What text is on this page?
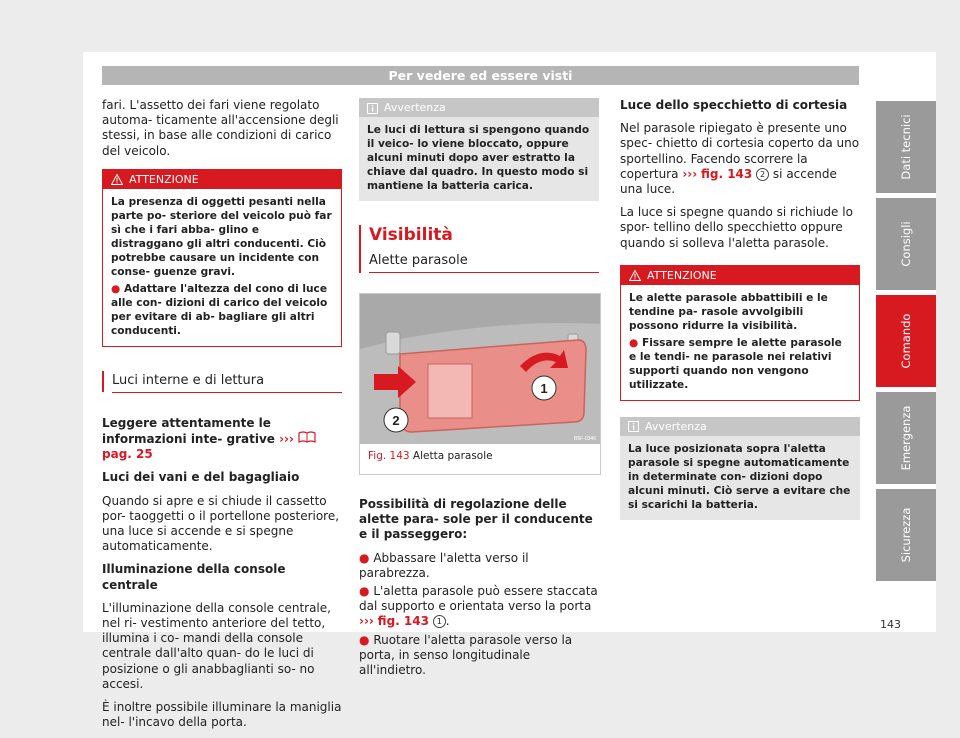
Per vedere ed essere visti

fari. L'assetto dei fari viene regolato automa- ticamente all'accensione degli stessi, in base alle condizioni di carico del veicolo.

ATTENZIONE
La presenza di oggetti pesanti nella parte po- steriore del veicolo può far sì che i fari abba- glino e distraggano gli altri conducenti. Ciò potrebbe causare un incidente con conse- guenze gravi.
● Adattare l'altezza del cono di luce alle con- dizioni di carico del veicolo per evitare di ab- bagliare gli altri conducenti.
Luci interne e di lettura

Leggere attentamente le informazioni inte- grative ›››  pag. 25

Luci dei vani e del bagagliaio

Quando si apre e si chiude il cassetto por- taoggetti o il portellone posteriore, una luce si accende e si spegne automaticamente.

Illuminazione della console centrale

L'illuminazione della console centrale, nel ri- vestimento anteriore del tetto, illumina i co- mandi della console centrale dall'alto quan- do le luci di posizione o gli anabbaglianti so- no accesi.

È inoltre possibile illuminare la maniglia nel- l'incavo della porta.

Avvertenza
Le luci di lettura si spengono quando il veico- lo viene bloccato, oppure alcuni minuti dopo aver estratto la chiave dal quadro. In questo modo si mantiene la batteria carica.
Visibilità
Alette parasole
1
2
B5F-0346
Fig. 143 Aletta parasole

Possibilità di regolazione delle alette para- sole per il conducente e il passeggero:

● Abbassare l'aletta verso il parabrezza.

● L'aletta parasole può essere staccata dal supporto e orientata verso la porta ››› fig. 143 1 .

● Ruotare l'aletta parasole verso la porta, in senso longitudinale all'indietro.

Luce dello specchietto di cortesia

Nel parasole ripiegato è presente uno spec- chietto di cortesia coperto da uno sportellino. Facendo scorrere la copertura ››› fig. 143 2 si accende una luce.

La luce si spegne quando si richiude lo spor- tellino dello specchietto oppure quando si solleva l'aletta parasole.

ATTENZIONE
Le alette parasole abbattibili e le tendine pa- rasole avvolgibili possono ridurre la visibilità.
● Fissare sempre le alette parasole e le tendi- ne parasole nei relativi supporti quando non vengono utilizzate.
Avvertenza
La luce posizionata sopra l'aletta parasole si spegne automaticamente in determinate con- dizioni dopo alcuni minuti. Ciò serve a evitare che si scarichi la batteria.
Dati tecnici
Consigli
Comando
Emergenza
Sicurezza
143
